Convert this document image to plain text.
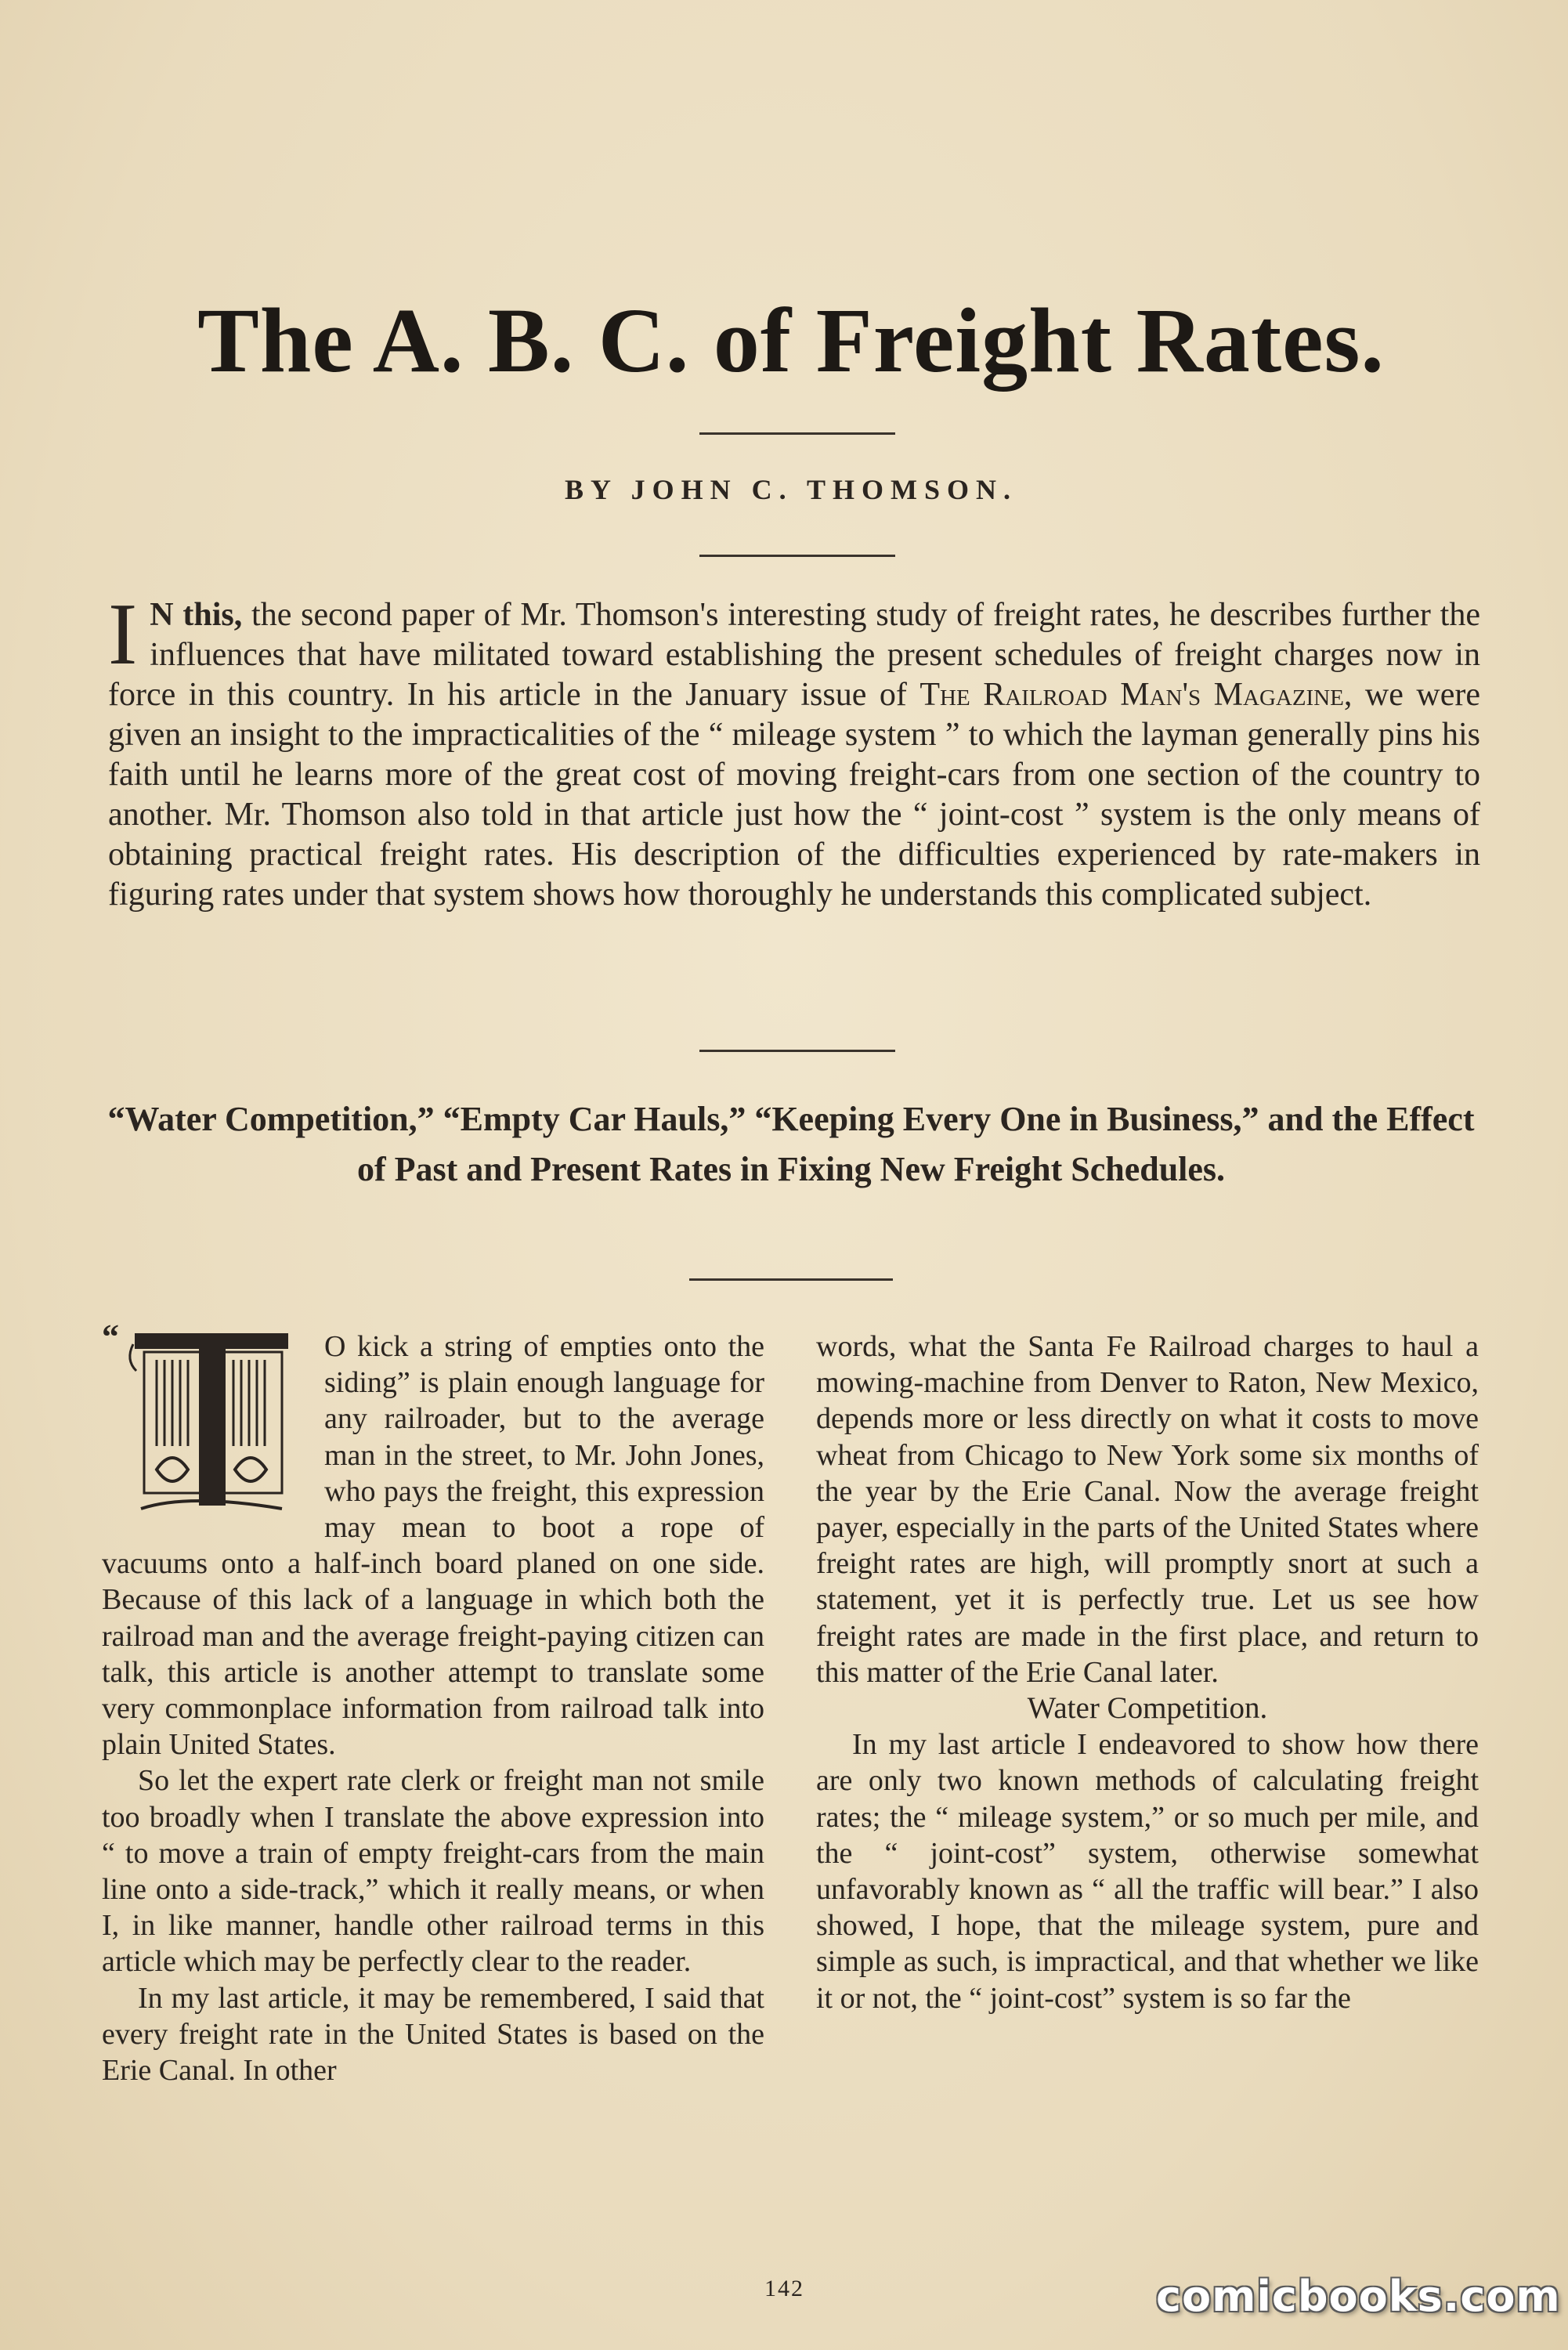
The A. B. C. of Freight Rates.

BY JOHN C. THOMSON.

I N this, the second paper of Mr. Thomson's interesting study of freight rates, he describes further the influences that have militated toward establishing the present schedules of freight charges now in force in this country. In his article in the January issue of The Railroad Man's Magazine, we were given an insight to the impracticalities of the “ mileage system ” to which the layman generally pins his faith until he learns more of the great cost of moving freight-cars from one section of the country to another. Mr. Thomson also told in that article just how the “ joint-cost ” system is the only means of obtaining practical freight rates. His description of the difficulties experienced by rate-makers in figuring rates under that system shows how thoroughly he understands this complicated subject.

“Water Competition,” “Empty Car Hauls,” “Keeping Every One in Business,” and the Effect of Past and Present Rates in Fixing New Freight Schedules.
“	O kick a string of empties onto the siding” is plain enough language for any railroader, but to the average man in the street, to Mr. John Jones, who pays the freight, this expression may mean to boot a rope of vacuums onto a half-inch board planed on one side. Because of this lack of a language in which both the railroad man and the average freight-paying citizen can talk, this article is another attempt to translate some very commonplace information from railroad talk into plain United States.

So let the expert rate clerk or freight man not smile too broadly when I translate the above expression into “ to move a train of empty freight-cars from the main line onto a side-track,” which it really means, or when I, in like manner, handle other railroad terms in this article which may be perfectly clear to the reader.

In my last article, it may be remembered, I said that every freight rate in the United States is based on the Erie Canal. In other

words, what the Santa Fe Railroad charges to haul a mowing-machine from Denver to Raton, New Mexico, depends more or less directly on what it costs to move wheat from Chicago to New York some six months of the year by the Erie Canal. Now the average freight payer, especially in the parts of the United States where freight rates are high, will promptly snort at such a statement, yet it is perfectly true. Let us see how freight rates are made in the first place, and return to this matter of the Erie Canal later.

Water Competition.

In my last article I endeavored to show how there are only two known methods of calculating freight rates; the “ mileage system,” or so much per mile, and the “ joint-cost” system, otherwise somewhat unfavorably known as “ all the traffic will bear.” I also showed, I hope, that the mileage system, pure and simple as such, is impractical, and that whether we like it or not, the “ joint-cost” system is so far the

142	comicbooks.com
